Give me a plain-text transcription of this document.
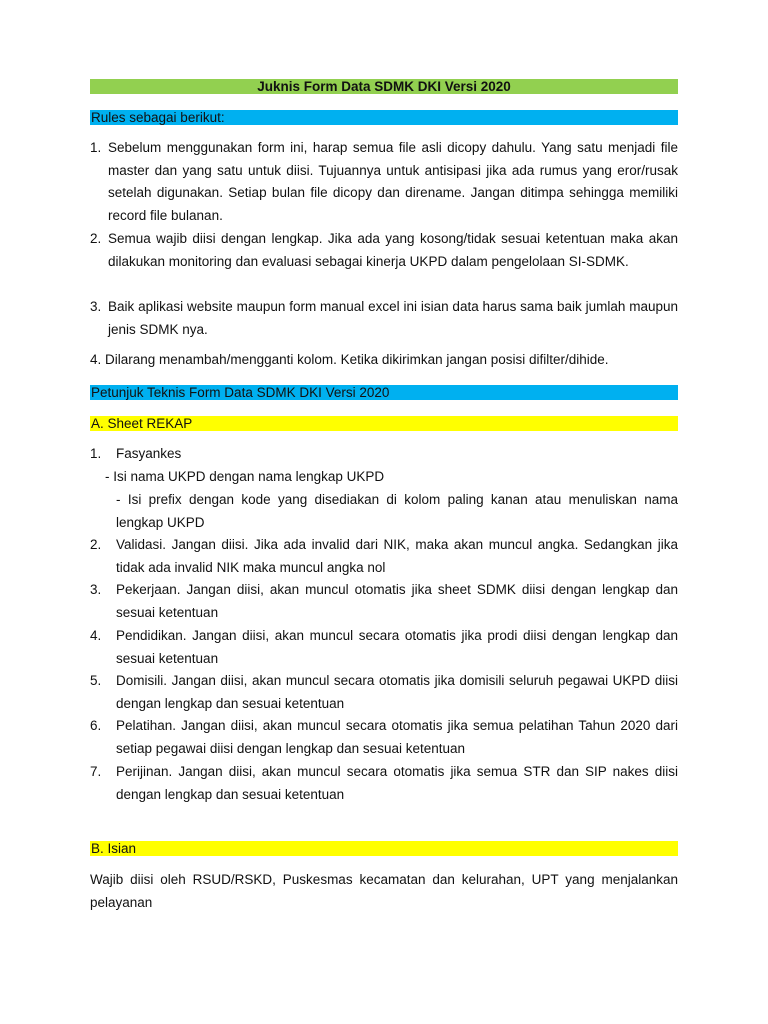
Juknis Form Data SDMK DKI Versi 2020
Rules sebagai berikut:
1. Sebelum menggunakan form ini, harap semua file asli dicopy dahulu. Yang satu menjadi file master dan yang satu untuk diisi. Tujuannya untuk antisipasi jika ada rumus yang eror/rusak setelah digunakan. Setiap bulan file dicopy dan direname. Jangan ditimpa sehingga memiliki record file bulanan.
2. Semua wajib diisi dengan lengkap. Jika ada yang kosong/tidak sesuai ketentuan maka akan dilakukan monitoring dan evaluasi sebagai kinerja UKPD dalam pengelolaan SI-SDMK.
3. Baik aplikasi website maupun form manual excel ini isian data harus sama baik jumlah maupun jenis SDMK nya.
4. Dilarang menambah/mengganti kolom. Ketika dikirimkan jangan posisi difilter/dihide.
Petunjuk Teknis Form Data SDMK DKI Versi 2020
A. Sheet REKAP
1. Fasyankes
- Isi nama UKPD dengan nama lengkap UKPD
- Isi prefix dengan kode yang disediakan di kolom paling kanan atau menuliskan nama lengkap UKPD
2.	Validasi. Jangan diisi. Jika ada invalid dari NIK, maka akan muncul angka. Sedangkan jika tidak ada invalid NIK maka muncul angka nol
3.	Pekerjaan. Jangan diisi, akan muncul otomatis jika sheet SDMK diisi dengan lengkap dan sesuai ketentuan
4.	Pendidikan. Jangan diisi, akan muncul secara otomatis jika prodi diisi dengan lengkap dan sesuai ketentuan
5.	Domisili. Jangan diisi, akan muncul secara otomatis jika domisili seluruh pegawai UKPD diisi dengan lengkap dan sesuai ketentuan
6.	Pelatihan. Jangan diisi, akan muncul secara otomatis jika semua pelatihan Tahun 2020 dari setiap pegawai diisi dengan lengkap dan sesuai ketentuan
7.	Perijinan. Jangan diisi, akan muncul secara otomatis jika semua STR dan SIP nakes diisi dengan lengkap dan sesuai ketentuan
B. Isian
Wajib diisi oleh RSUD/RSKD, Puskesmas kecamatan dan kelurahan, UPT yang menjalankan pelayanan
